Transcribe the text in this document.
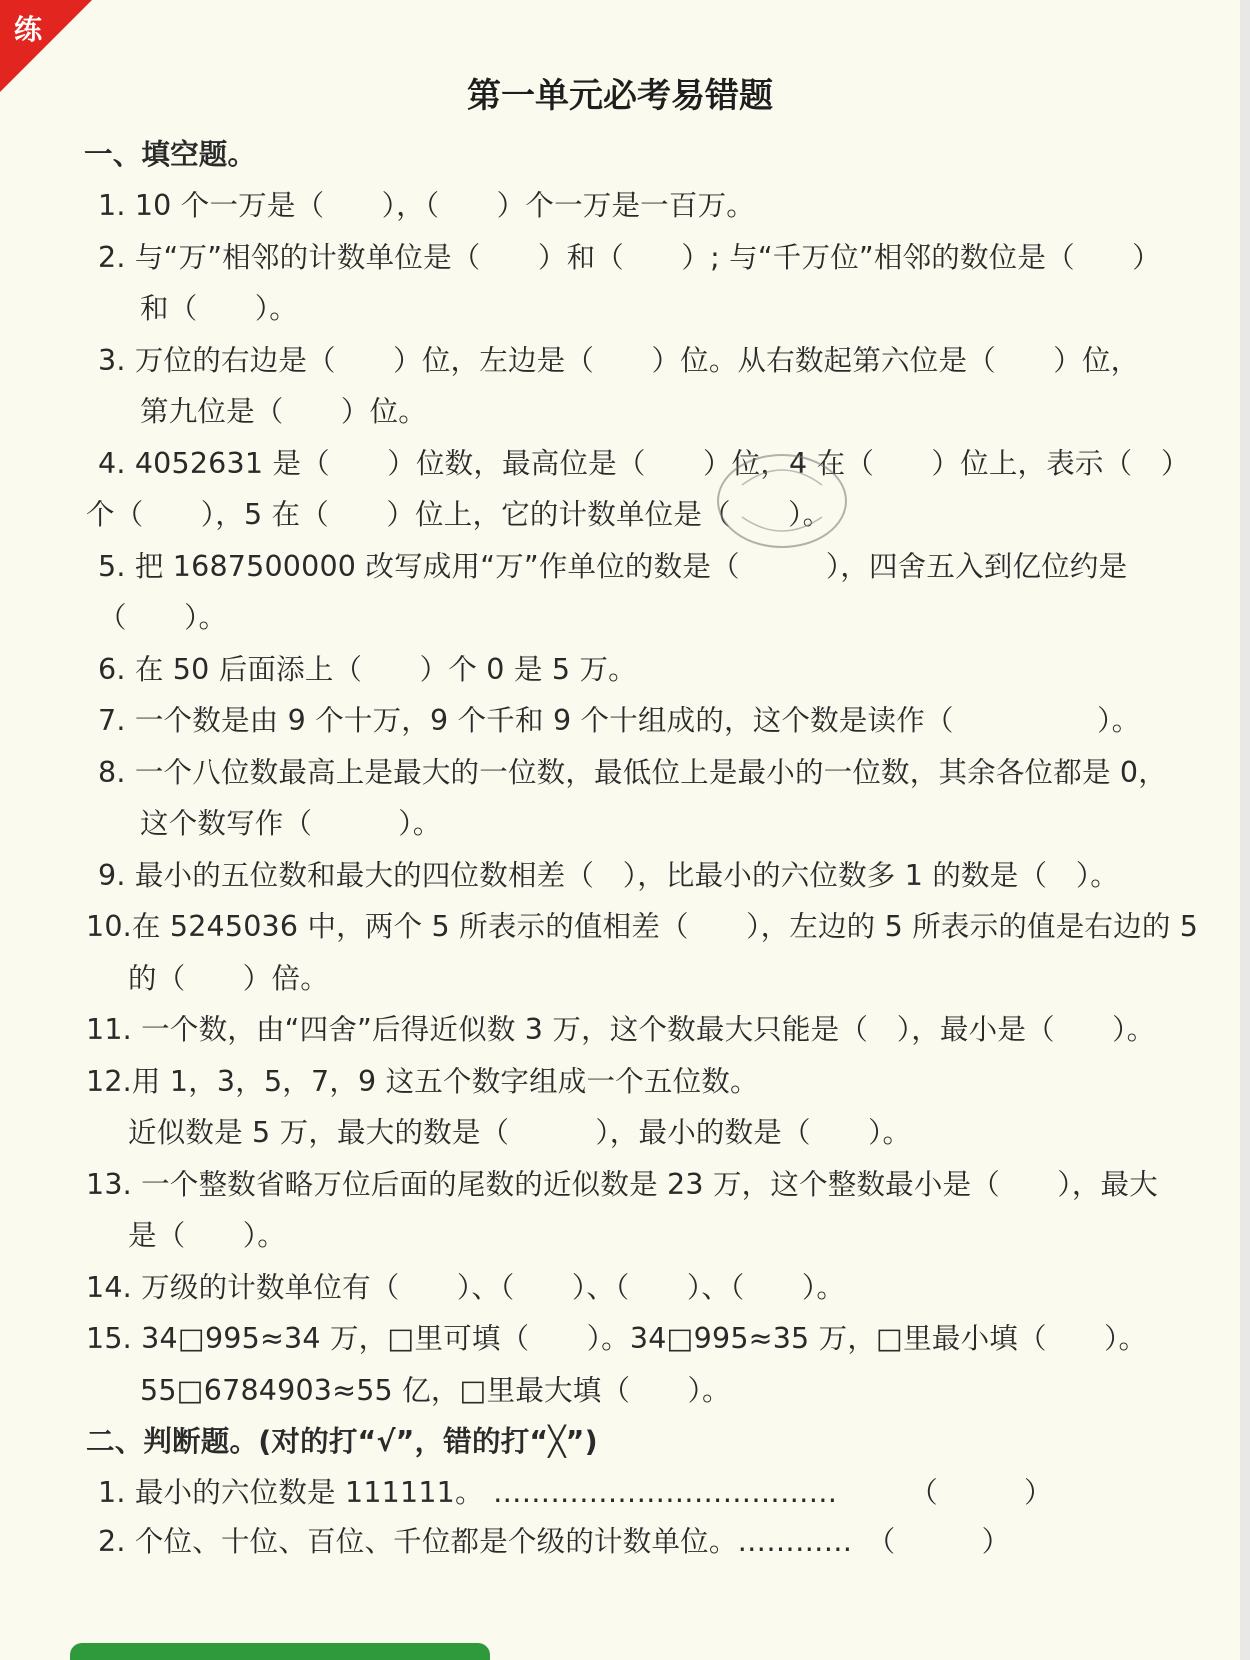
练
第一单元必考易错题
一、填空题。
1. 10 个一万是（　　），（　　）个一万是一百万。
2. 与“万”相邻的计数单位是（　　）和（　　）; 与“千万位”相邻的数位是（　　）
和（　　）。
3. 万位的右边是（　　）位，左边是（　　）位。从右数起第六位是（　　）位，
第九位是（　　）位。
4. 4052631 是（　　）位数，最高位是（　　）位，4 在（　　）位上，表示（　）
个（　　），5 在（　　）位上，它的计数单位是（　　）。
5. 把 1687500000 改写成用“万”作单位的数是（　　　），四舍五入到亿位约是
（　　）。
6. 在 50 后面添上（　　）个 0 是 5 万。
7. 一个数是由 9 个十万，9 个千和 9 个十组成的，这个数是读作（　　　　　）。
8. 一个八位数最高上是最大的一位数，最低位上是最小的一位数，其余各位都是 0，
这个数写作（　　　）。
9. 最小的五位数和最大的四位数相差（　），比最小的六位数多 1 的数是（　）。
10.在 5245036 中，两个 5 所表示的值相差（　　），左边的 5 所表示的值是右边的 5
的（　　）倍。
11. 一个数，由“四舍”后得近似数 3 万，这个数最大只能是（　），最小是（　　）。
12.用 1，3，5，7，9 这五个数字组成一个五位数。
近似数是 5 万，最大的数是（　　　），最小的数是（　　）。
13. 一个整数省略万位后面的尾数的近似数是 23 万，这个整数最小是（　　），最大
是（　　）。
14. 万级的计数单位有（　　）、（　　）、（　　）、（　　）。
15. 34□995≈34 万，□里可填（　　）。34□995≈35 万，□里最小填（　　）。
55□6784903≈55 亿，□里最大填（　　）。
二、判断题。(对的打“√”，错的打“╳”)
1. 最小的六位数是 111111。 ………………………………　　　（　　　）
2. 个位、十位、百位、千位都是个级的计数单位。…………　（　　　）
